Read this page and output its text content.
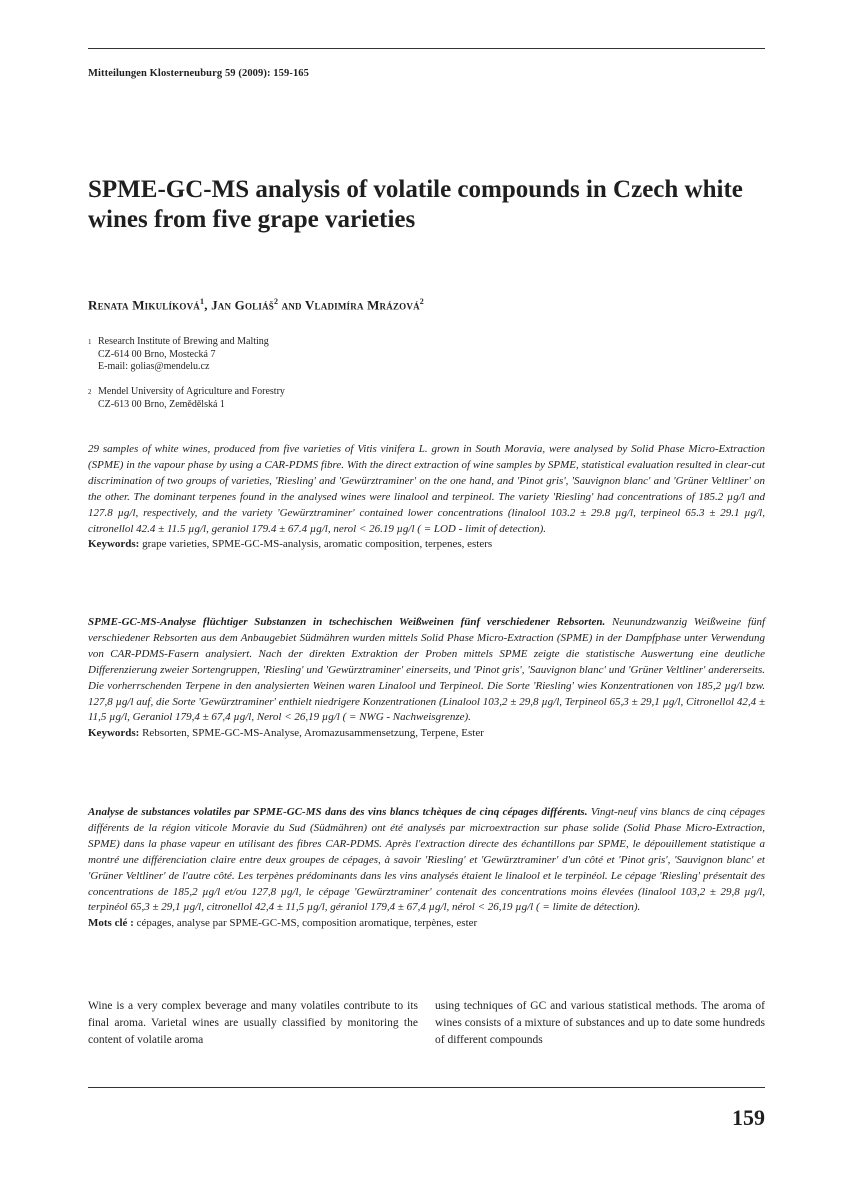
Mitteilungen Klosterneuburg 59 (2009): 159-165
SPME-GC-MS analysis of volatile compounds in Czech white wines from five grape varieties
Renata Mikulíková$^1$, Jan Goliáš$^2$ and Vladimíra Mrázová$^2$
1 Research Institute of Brewing and Malting
CZ-614 00 Brno, Mostecká 7
E-mail: golias@mendelu.cz
2 Mendel University of Agriculture and Forestry
CZ-613 00 Brno, Zemědělská 1
29 samples of white wines, produced from five varieties of Vitis vinifera L. grown in South Moravia, were analysed by Solid Phase Micro-Extraction (SPME) in the vapour phase by using a CAR-PDMS fibre. With the direct extraction of wine samples by SPME, statistical evaluation resulted in clear-cut discrimination of two groups of varieties, 'Riesling' and 'Gewürztraminer' on the one hand, and 'Pinot gris', 'Sauvignon blanc' and 'Grüner Veltliner' on the other. The dominant terpenes found in the analysed wines were linalool and terpineol. The variety 'Riesling' had concentrations of 185.2 µg/l and 127.8 µg/l, respectively, and the variety 'Gewürztraminer' contained lower concentrations (linalool 103.2 ± 29.8 µg/l, terpineol 65.3 ± 29.1 µg/l, citronellol 42.4 ± 11.5 µg/l, geraniol 179.4 ± 67.4 µg/l, nerol < 26.19 µg/l ( = LOD - limit of detection).
Keywords: grape varieties, SPME-GC-MS-analysis, aromatic composition, terpenes, esters
SPME-GC-MS-Analyse flüchtiger Substanzen in tschechischen Weißweinen fünf verschiedener Rebsorten. Neunundzwanzig Weißweine fünf verschiedener Rebsorten aus dem Anbaugebiet Südmähren wurden mittels Solid Phase Micro-Extraction (SPME) in der Dampfphase unter Verwendung von CAR-PDMS-Fasern analysiert. Nach der direkten Extraktion der Proben mittels SPME zeigte die statistische Auswertung eine deutliche Differenzierung zweier Sortengruppen, 'Riesling' und 'Gewürztraminer' einerseits, und 'Pinot gris', 'Sauvignon blanc' und 'Grüner Veltliner' andererseits. Die vorherrschenden Terpene in den analysierten Weinen waren Linalool und Terpineol. Die Sorte 'Riesling' wies Konzentrationen von 185,2 µg/l bzw. 127,8 µg/l auf, die Sorte 'Gewürztraminer' enthielt niedrigere Konzentrationen (Linalool 103,2 ± 29,8 µg/l, Terpineol 65,3 ± 29,1 µg/l, Citronellol 42,4 ± 11,5 µg/l, Geraniol 179,4 ± 67,4 µg/l, Nerol < 26,19 µg/l ( = NWG - Nachweisgrenze).
Keywords: Rebsorten, SPME-GC-MS-Analyse, Aromazusammensetzung, Terpene, Ester
Analyse de substances volatiles par SPME-GC-MS dans des vins blancs tchèques de cinq cépages différents. Vingt-neuf vins blancs de cinq cépages différents de la région viticole Moravie du Sud (Südmähren) ont été analysés par microextraction sur phase solide (Solid Phase Micro-Extraction, SPME) dans la phase vapeur en utilisant des fibres CAR-PDMS. Après l'extraction directe des échantillons par SPME, le dépouillement statistique a montré une différenciation claire entre deux groupes de cépages, à savoir 'Riesling' et 'Gewürztraminer' d'un côté et 'Pinot gris', 'Sauvignon blanc' et 'Grüner Veltliner' de l'autre côté. Les terpènes prédominants dans les vins analysés étaient le linalool et le terpinéol. Le cépage 'Riesling' présentait des concentrations de 185,2 µg/l et/ou 127,8 µg/l, le cépage 'Gewürztraminer' contenait des concentrations moins élevées (linalool 103,2 ± 29,8 µg/l, terpinéol 65,3 ± 29,1 µg/l, citronellol 42,4 ± 11,5 µg/l, géraniol 179,4 ± 67,4 µg/l, nérol < 26,19 µg/l ( = limite de détection).
Mots clé : cépages, analyse par SPME-GC-MS, composition aromatique, terpènes, ester
Wine is a very complex beverage and many volatiles contribute to its final aroma. Varietal wines are usually classified by monitoring the content of volatile aroma
using techniques of GC and various statistical methods. The aroma of wines consists of a mixture of substances and up to date some hundreds of different compounds
159
